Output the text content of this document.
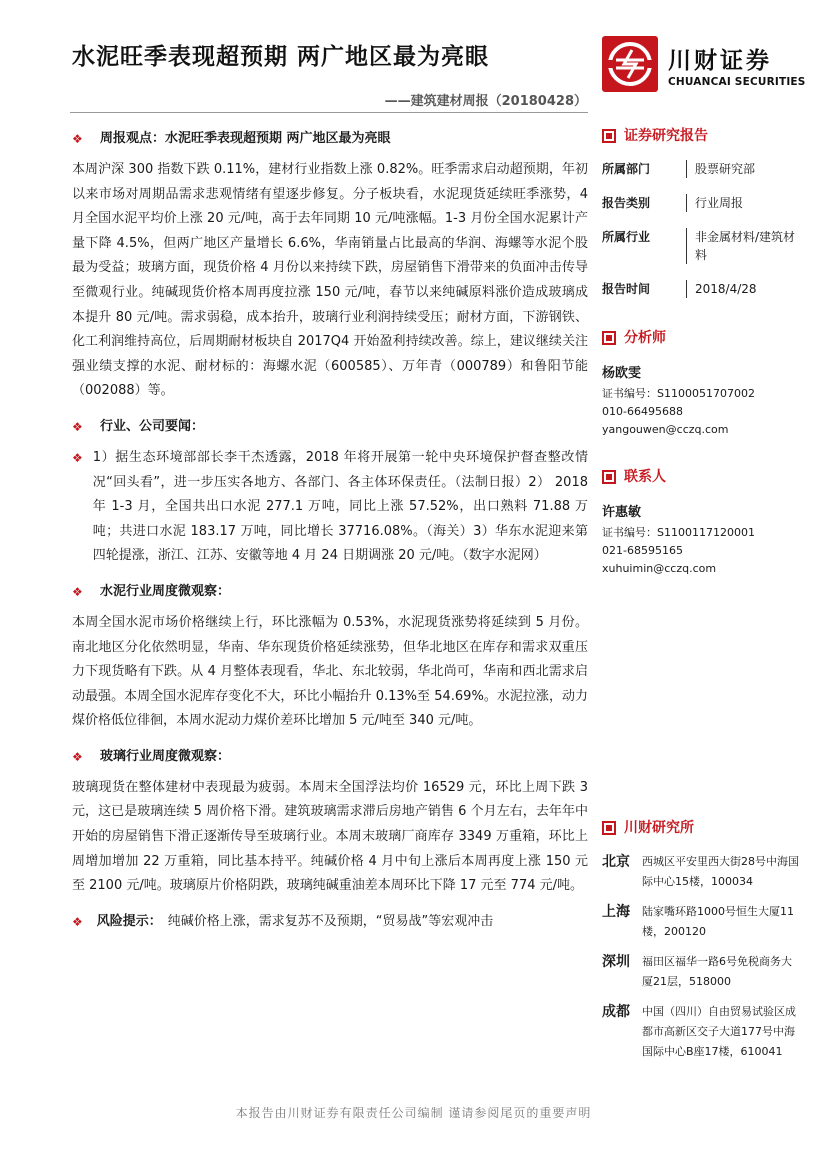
水泥旺季表现超预期 两广地区最为亮眼
——建筑建材周报（20180428）
川财证券
CHUANCAI SECURITIES
❖ 周报观点：水泥旺季表现超预期 两广地区最为亮眼

本周沪深 300 指数下跌 0.11%，建材行业指数上涨 0.82%。旺季需求启动超预期，年初以来市场对周期品需求悲观情绪有望逐步修复。分子板块看，水泥现货延续旺季涨势，4 月全国水泥平均价上涨 20 元/吨，高于去年同期 10 元/吨涨幅。1-3 月份全国水泥累计产量下降 4.5%，但两广地区产量增长 6.6%，华南销量占比最高的华润、海螺等水泥个股最为受益；玻璃方面，现货价格 4 月份以来持续下跌，房屋销售下滑带来的负面冲击传导至微观行业。纯碱现货价格本周再度拉涨 150 元/吨，春节以来纯碱原料涨价造成玻璃成本提升 80 元/吨。需求弱稳，成本抬升，玻璃行业利润持续受压；耐材方面，下游钢铁、化工利润维持高位，后周期耐材板块自 2017Q4 开始盈利持续改善。综上，建议继续关注强业绩支撑的水泥、耐材标的：海螺水泥（600585）、万年青（000789）和鲁阳节能（002088）等。

❖ 行业、公司要闻：
❖ 1）据生态环境部部长李干杰透露，2018 年将开展第一轮中央环境保护督查整改情况“回头看”，进一步压实各地方、各部门、各主体环保责任。（法制日报）2） 2018 年 1-3 月，全国共出口水泥 277.1 万吨，同比上涨 57.52%，出口熟料 71.88 万吨；共进口水泥 183.17 万吨，同比增长 37716.08%。（海关）3）华东水泥迎来第四轮提涨，浙江、江苏、安徽等地 4 月 24 日期调涨 20 元/吨。（数字水泥网）
❖ 水泥行业周度微观察：

本周全国水泥市场价格继续上行，环比涨幅为 0.53%，水泥现货涨势将延续到 5 月份。南北地区分化依然明显，华南、华东现货价格延续涨势，但华北地区在库存和需求双重压力下现货略有下跌。从 4 月整体表现看，华北、东北较弱，华北尚可，华南和西北需求启动最强。本周全国水泥库存变化不大，环比小幅抬升 0.13%至 54.69%。水泥拉涨，动力煤价格低位徘徊，本周水泥动力煤价差环比增加 5 元/吨至 340 元/吨。

❖ 玻璃行业周度微观察：

玻璃现货在整体建材中表现最为疲弱。本周末全国浮法均价 16529 元，环比上周下跌 3 元，这已是玻璃连续 5 周价格下滑。建筑玻璃需求滞后房地产销售 6 个月左右，去年年中开始的房屋销售下滑正逐渐传导至玻璃行业。本周末玻璃厂商库存 3349 万重箱，环比上周增加增加 22 万重箱，同比基本持平。纯碱价格 4 月中旬上涨后本周再度上涨 150 元至 2100 元/吨。玻璃原片价格阴跌，玻璃纯碱重油差本周环比下降 17 元至 774 元/吨。

❖ 风险提示： 纯碱价格上涨，需求复苏不及预期，“贸易战”等宏观冲击
证券研究报告
所属部门	股票研究部
报告类别	行业周报
所属行业	非金属材料/建筑材料
报告时间	2018/4/28
分析师
杨欧雯
证书编号：S1100051707002
010-66495688
yangouwen@cczq.com
联系人
许惠敏
证书编号：S1100117120001
021-68595165
xuhuimin@cczq.com
川财研究所
北京	西城区平安里西大街28号中海国际中心15楼，100034
上海	陆家嘴环路1000号恒生大厦11楼，200120
深圳	福田区福华一路6号免税商务大厦21层，518000
成都	中国（四川）自由贸易试验区成都市高新区交子大道177号中海国际中心B座17楼，610041
本报告由川财证券有限责任公司编制 谨请参阅尾页的重要声明
